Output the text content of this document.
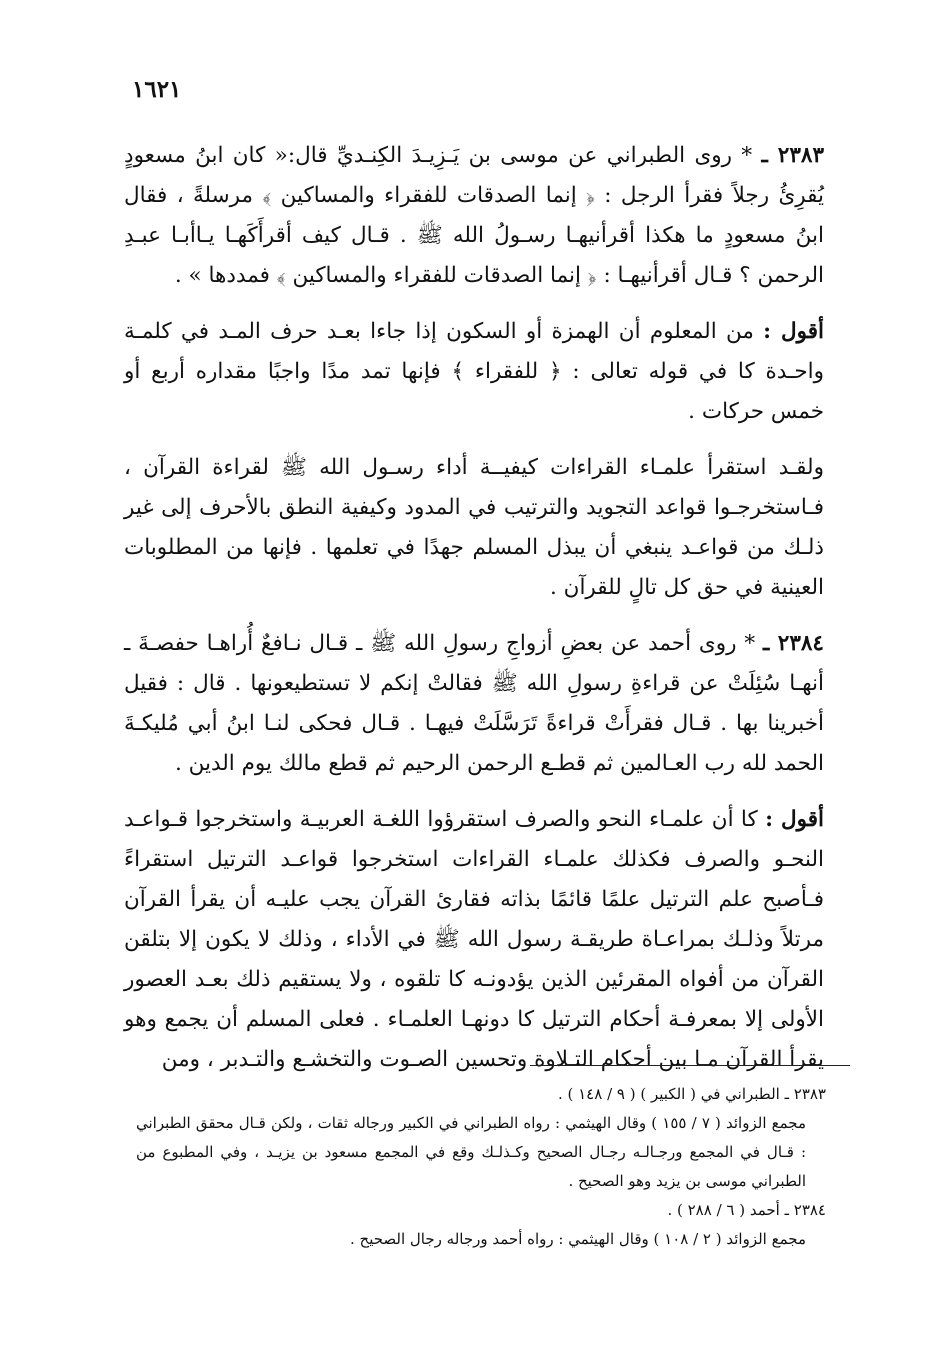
١٦٢١

٢٣٨٣ ـ * روى الطبراني عن موسى بن يَـزِيـدَ الكِنـديِّ قال:« كان ابنُ مسعودٍ يُقرِئُ رجلاً فقرأ الرجل : ﴿ إنما الصدقات للفقراء والمساكين ﴾ مرسلةً ، فقال ابنُ مسعودٍ ما هكذا أقرأنيهـا رسـولُ الله ﷺ . قـال كيف أقرأَكَهـا يـاأبـا عبـدِ الرحمن ؟ قـال أقرأنيهـا : ﴿ إنما الصدقات للفقراء والمساكين ﴾ فمددها » .

أقول : من المعلوم أن الهمزة أو السكون إذا جاءا بعـد حرف المـد في كلمـة واحـدة كا في قوله تعالى : ﴿ للفقراء ﴾ فإنها تمد مدًا واجبًا مقداره أربع أو خمس حركات .

ولقـد استقرأ علمـاء القراءات كيفيــة أداء رسـول الله ﷺ لقراءة القرآن ، فـاستخرجـوا قواعد التجويد والترتيب في المدود وكيفية النطق بالأحرف إلى غير ذلـك من قواعـد ينبغي أن يبذل المسلم جهدًا في تعلمها . فإنها من المطلوبات العينية في حق كل تالٍ للقرآن .

٢٣٨٤ ـ * روى أحمد عن بعضِ أزواجِ رسولِ الله ﷺ ـ قـال نـافعٌ أُراهـا حفصـةَ ـ أنهـا سُئِلَتْ عن قراءةِ رسولِ الله ﷺ فقالتْ إنكم لا تستطيعونها . قال : فقيل أخبرينا بها . قـال فقرأَتْ قراءةً تَرَسَّلَتْ فيهـا . قـال فحكى لنـا ابنُ أبي مُليكـةَ الحمد لله رب العـالمين ثم قطـع الرحمن الرحيم ثم قطع مالك يوم الدين .

أقول : كا أن علمـاء النحو والصرف استقرؤوا اللغـة العربيـة واستخرجوا قـواعـد النحـو والصرف فكذلك علمـاء القراءات استخرجوا قواعـد الترتيل استقراءً فـأصبح علم الترتيل علمًا قائمًا بذاته فقارئ القرآن يجب عليـه أن يقرأ القرآن مرتلاً وذلـك بمراعـاة طريقـة رسول الله ﷺ في الأداء ، وذلك لا يكون إلا بتلقن القرآن من أفواه المقرئين الذين يؤدونـه كا تلقوه ، ولا يستقيم ذلك بعـد العصور الأولى إلا بمعرفـة أحكام الترتيل كا دونهـا العلمـاء . فعلى المسلم أن يجمع وهو يقرأ القرآن مـا بين أحكام التـلاوة وتحسين الصـوت والتخشـع والتـدبر ، ومن

٢٣٨٣ ـ الطبراني في ( الكبير ) ( ٩ / ١٤٨ ) .

مجمع الزوائد ( ٧ / ١٥٥ ) وقال الهيثمي : رواه الطبراني في الكبير ورجاله ثقات ، ولكن قـال محقق الطبراني : قـال في المجمع ورجـالـه رجـال الصحيح وكـذلـك وقع في المجمع مسعود بن يزيـد ، وفي المطبوع من الطبراني موسى بن يزيد وهو الصحيح .

٢٣٨٤ ـ أحمد ( ٦ / ٢٨٨ ) .

مجمع الزوائد ( ٢ / ١٠٨ ) وقال الهيثمي : رواه أحمد ورجاله رجال الصحيح .
